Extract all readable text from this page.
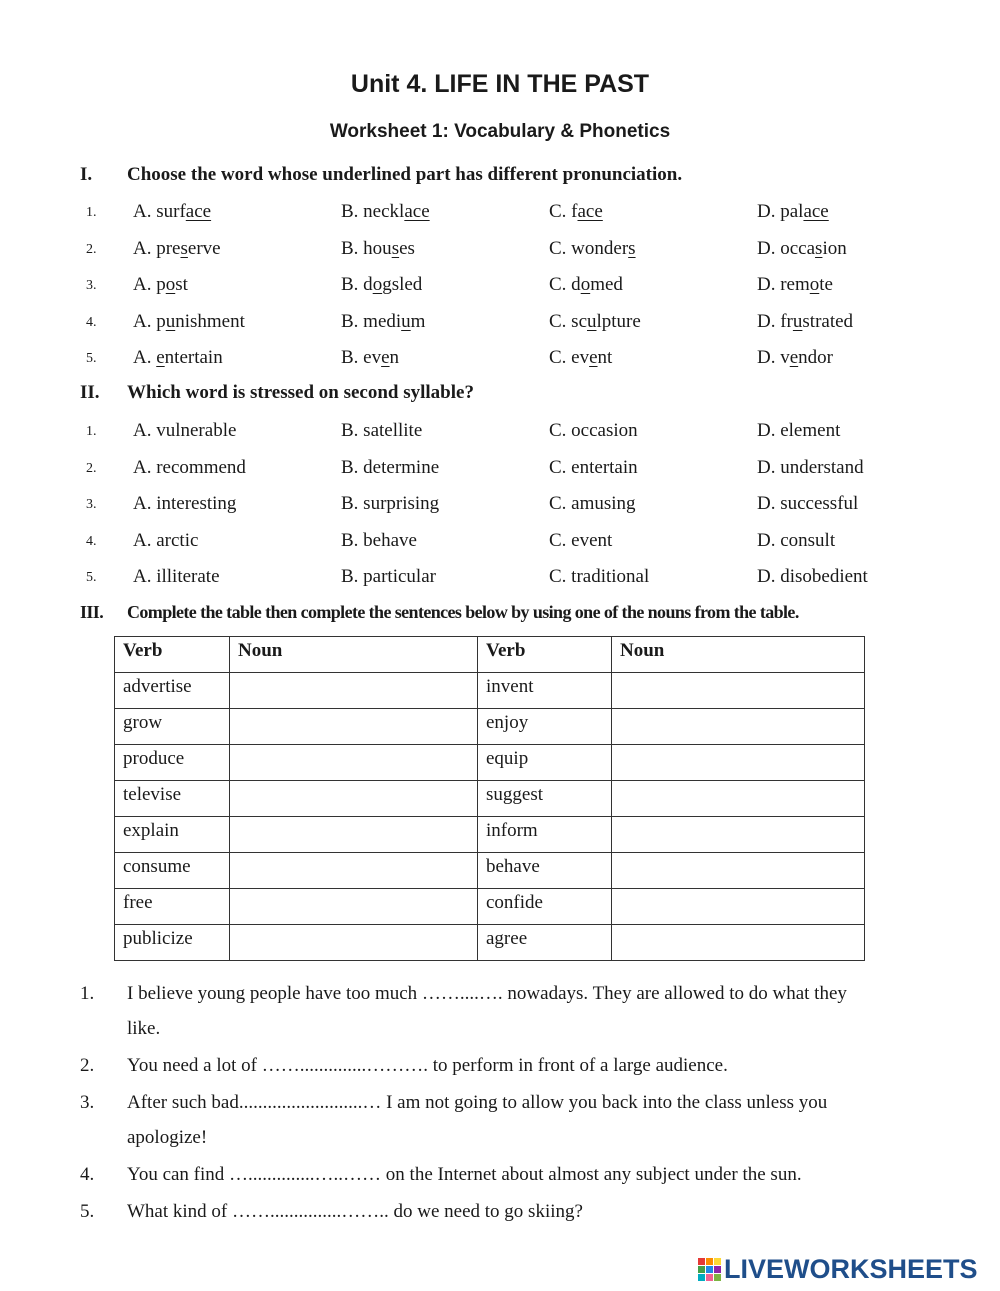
Unit 4. LIFE IN THE PAST
Worksheet 1: Vocabulary & Phonetics
I. Choose the word whose underlined part has different pronunciation.
1.	A. surface	B. necklace	C. face	D. palace
2.	A. preserve	B. houses	C. wonders	D. occasion
3.	A. post	B. dogsled	C. domed	D. remote
4.	A. punishment	B. medium	C. sculpture	D. frustrated
5.	A. entertain	B. even	C. event	D. vendor
II. Which word is stressed on second syllable?
1.	A. vulnerable	B. satellite	C. occasion	D. element
2.	A. recommend	B. determine	C. entertain	D. understand
3.	A. interesting	B. surprising	C. amusing	D. successful
4.	A. arctic	B. behave	C. event	D. consult
5.	A. illiterate	B. particular	C. traditional	D. disobedient
III. Complete the table then complete the sentences below by using one of the nouns from the table.
Verb	Noun	Verb	Noun
advertise		invent	
grow		enjoy	
produce		equip	
televise		suggest	
explain		inform	
consume		behave	
free		confide	
publicize		agree	
1. I believe young people have too much ……....…. nowadays. They are allowed to do what they
like.
2. You need a lot of ……..............………. to perform in front of a large audience.
3. After such bad..........................… I am not going to allow you back into the class unless you
apologize!
4. You can find …..............…..…… on the Internet about almost any subject under the sun.
5. What kind of ……...............…….. do we need to go skiing?
LIVEWORKSHEETS
